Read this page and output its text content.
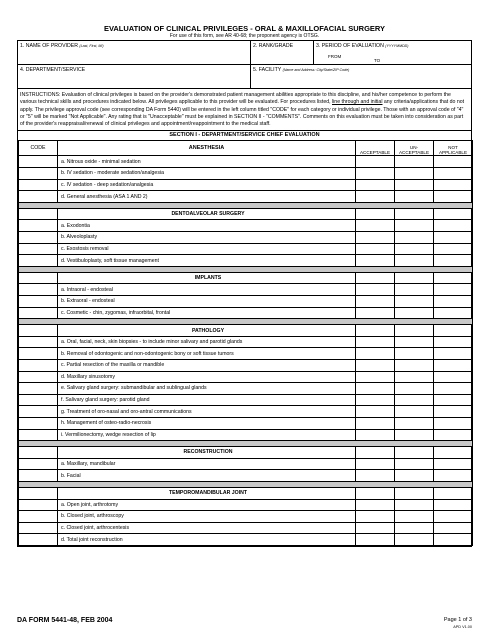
EVALUATION OF CLINICAL PRIVILEGES - ORAL & MAXILLOFACIAL SURGERY
For use of this form, see AR 40-68; the proponent agency is OTSG.
1. NAME OF PROVIDER (Last, First, MI)	2. RANK/GRADE	3. PERIOD OF EVALUATION (YYYYMMDD)
FROM
TO
4. DEPARTMENT/SERVICE	5. FACILITY (Name and Address: City/State/ZIP Code)
INSTRUCTIONS: Evaluation of clinical privileges is based on the provider's demonstrated patient management abilities appropriate to this discipline, and his/her competence to perform the various technical skills and procedures indicated below. All privileges applicable to this provider will be evaluated. For procedures listed, line through and initial any criteria/applications that do not apply. The privilege approval code (see corresponding DA Form 5440) will be entered in the left column titled "CODE" for each category or individual privilege. Those with an approval code of "4" or "5" will be marked "Not Applicable". Any rating that is "Unacceptable" must be explained in SECTION II - "COMMENTS". Comments on this evaluation must be taken into consideration as part of the provider's reappraisal/renewal of clinical privileges and appointment/reappointment to the medical staff.
SECTION I - DEPARTMENT/SERVICE CHIEF EVALUATION
CODE	ANESTHESIA	ACCEPTABLE	UN-ACCEPTABLE	NOT APPLICABLE
	a. Nitrous oxide - minimal sedation			
	b. IV sedation - moderate sedation/analgesia			
	c. IV sedation - deep sedation/analgesia			
	d. General anesthesia (ASA 1 AND 2)			

	DENTOALVEOLAR SURGERY			
	a. Exodontia			
	b. Alveoloplasty			
	c. Exostosis removal			
	d. Vestibuloplasty, soft tissue management			

	IMPLANTS			
	a. Intraoral - endosteal			
	b. Extraoral - endosteal			
	c. Cosmetic - chin, zygomas, infraorbital, frontal			

	PATHOLOGY			
	a. Oral, facial, neck, skin biopsies - to include minor salivary and parotid glands			
	b. Removal of odontogenic and non-odontogenic bony or soft tissue tumors			
	c. Partial resection of the maxilla or mandible			
	d. Maxillary sinusotomy			
	e. Salivary gland surgery: submandibular and sublingual glands			
	f. Salivary gland surgery: parotid gland			
	g. Treatment of oro-nasal and oro-antral communications			
	h. Management of osteo-radio-necrosis			
	i. Vermilionectomy, wedge resection of lip			

	RECONSTRUCTION			
	a. Maxillary, mandibular			
	b. Facial			

	TEMPOROMANDIBULAR JOINT			
	a. Open joint, arthrotomy			
	b. Closed joint, arthroscopy			
	c. Closed joint, arthrocentesis			
	d. Total joint reconstruction			
DA FORM 5441-48, FEB 2004	Page 1 of 3
APD V1.00
